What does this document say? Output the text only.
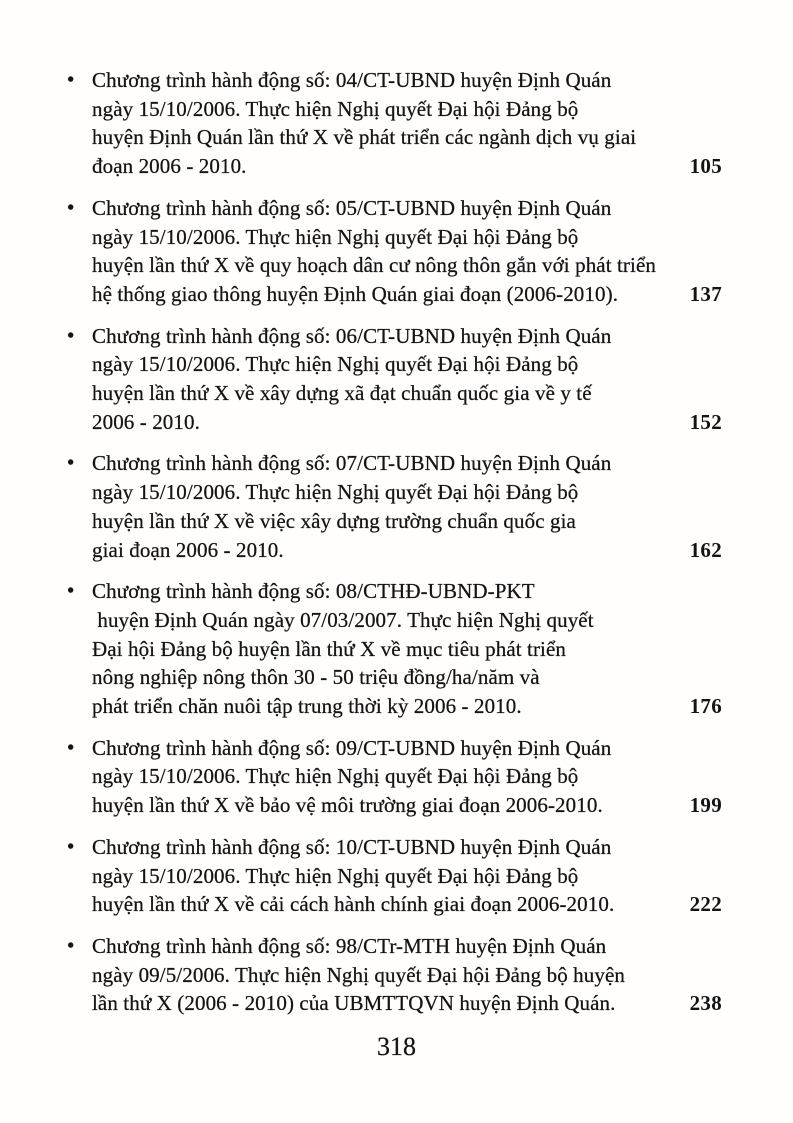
• Chương trình hành động số: 04/CT-UBND huyện Định Quán
ngày 15/10/2006. Thực hiện Nghị quyết Đại hội Đảng bộ
huyện Định Quán lần thứ X về phát triển các ngành dịch vụ giai
đoạn 2006 - 2010.	105
• Chương trình hành động số: 05/CT-UBND huyện Định Quán
ngày 15/10/2006. Thực hiện Nghị quyết Đại hội Đảng bộ
huyện lần thứ X về quy hoạch dân cư nông thôn gắn với phát triển
hệ thống giao thông huyện Định Quán giai đoạn (2006-2010).	137
• Chương trình hành động số: 06/CT-UBND huyện Định Quán
ngày 15/10/2006. Thực hiện Nghị quyết Đại hội Đảng bộ
huyện lần thứ X về xây dựng xã đạt chuẩn quốc gia về y tế
2006 - 2010.	152
• Chương trình hành động số: 07/CT-UBND huyện Định Quán
ngày 15/10/2006. Thực hiện Nghị quyết Đại hội Đảng bộ
huyện lần thứ X về việc xây dựng trường chuẩn quốc gia
giai đoạn 2006 - 2010.	162
• Chương trình hành động số: 08/CTHĐ-UBND-PKT
huyện Định Quán ngày 07/03/2007. Thực hiện Nghị quyết
Đại hội Đảng bộ huyện lần thứ X về mục tiêu phát triển
nông nghiệp nông thôn 30 - 50 triệu đồng/ha/năm và
phát triển chăn nuôi tập trung thời kỳ 2006 - 2010.	176
• Chương trình hành động số: 09/CT-UBND huyện Định Quán
ngày 15/10/2006. Thực hiện Nghị quyết Đại hội Đảng bộ
huyện lần thứ X về bảo vệ môi trường giai đoạn 2006-2010.	199
• Chương trình hành động số: 10/CT-UBND huyện Định Quán
ngày 15/10/2006. Thực hiện Nghị quyết Đại hội Đảng bộ
huyện lần thứ X về cải cách hành chính giai đoạn 2006-2010.	222
• Chương trình hành động số: 98/CTr-MTH huyện Định Quán
ngày 09/5/2006. Thực hiện Nghị quyết Đại hội Đảng bộ huyện
lần thứ X (2006 - 2010) của UBMTTQVN huyện Định Quán.	238
318
